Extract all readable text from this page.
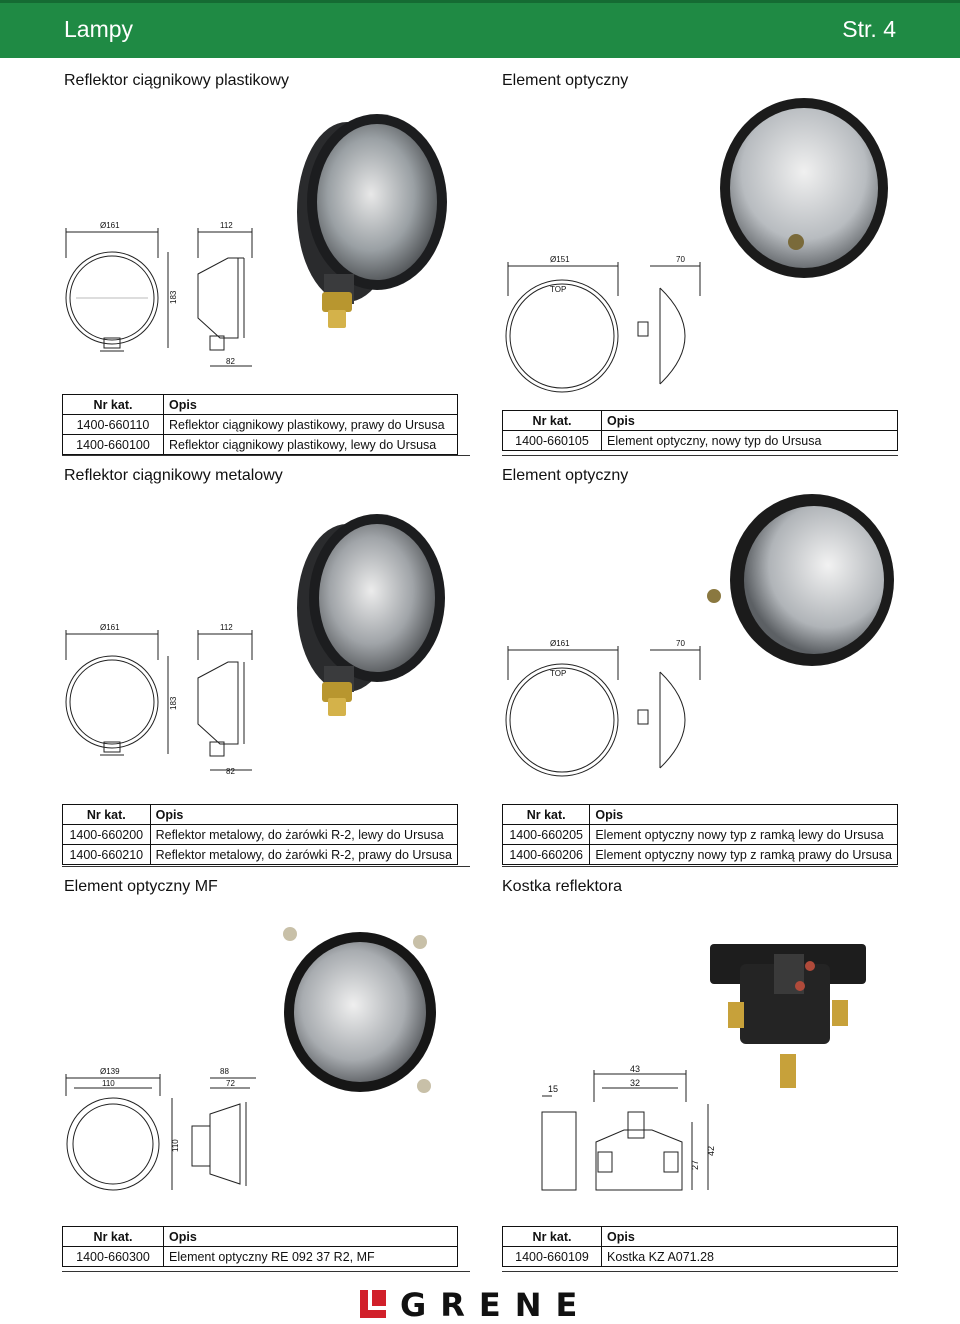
Lampy	Str. 4
Reflektor ciągnikowy plastikowy
Ø161	112
183
82
Nr kat.	Opis
1400-660110	Reflektor ciągnikowy plastikowy, prawy do Ursusa
1400-660100	Reflektor ciągnikowy plastikowy, lewy do Ursusa
Element optyczny
Ø151	70
TOP
Nr kat.	Opis
1400-660105	Element optyczny, nowy typ do Ursusa
Reflektor ciągnikowy metalowy
Ø161	112
183
82
Nr kat.	Opis
1400-660200	Reflektor metalowy, do żarówki R-2, lewy do Ursusa
1400-660210	Reflektor metalowy, do żarówki R-2, prawy do Ursusa
Element optyczny
Ø161	70
TOP
Nr kat.	Opis
1400-660205	Element optyczny nowy typ z ramką lewy do Ursusa
1400-660206	Element optyczny nowy typ z ramką prawy do Ursusa
Element optyczny MF
Ø139
110
88
72
110
Nr kat.	Opis
1400-660300	Element optyczny RE 092 37 R2, MF
Kostka reflektora
43
32
15
27
42
Nr kat.	Opis
1400-660109	Kostka KZ A071.28
GRENE
